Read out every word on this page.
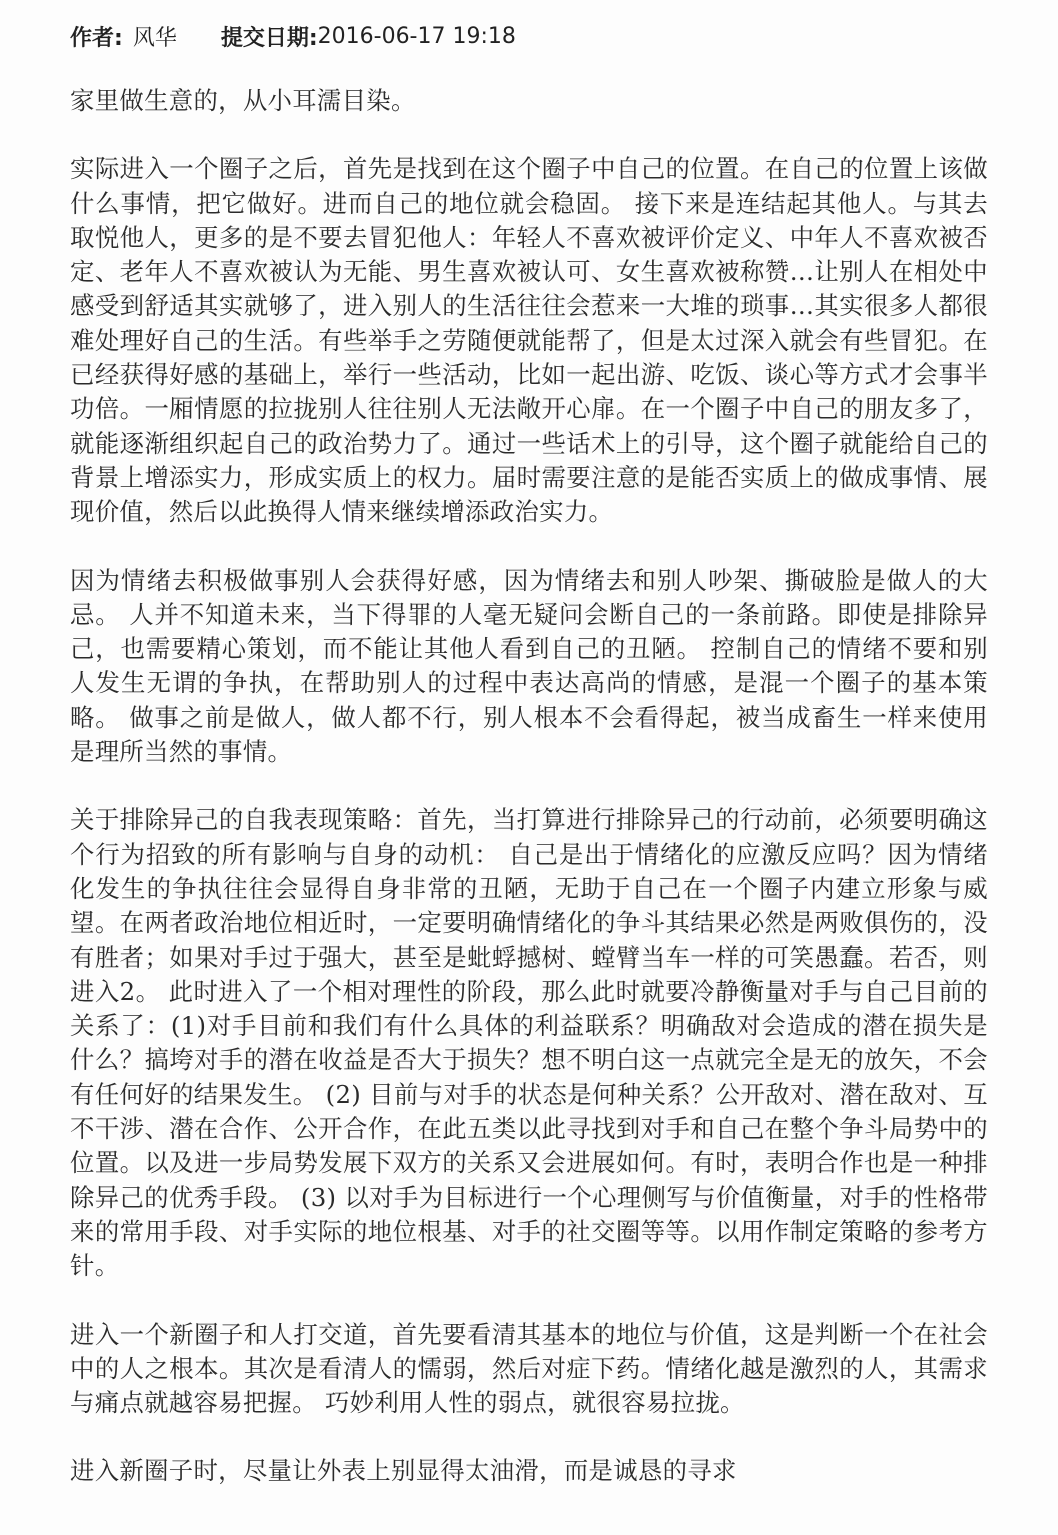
作者: 风华 提交日期: 2016-06-17 19:18

家里做生意的，从小耳濡目染。

实际进入一个圈子之后，首先是找到在这个圈子中自己的位置。在自己的位置上该做什么事情，把它做好。进而自己的地位就会稳固。 接下来是连结起其他人。与其去取悦他人，更多的是不要去冒犯他人：年轻人不喜欢被评价定义、中年人不喜欢被否定、老年人不喜欢被认为无能、男生喜欢被认可、女生喜欢被称赞…让别人在相处中感受到舒适其实就够了，进入别人的生活往往会惹来一大堆的琐事…其实很多人都很难处理好自己的生活。有些举手之劳随便就能帮了，但是太过深入就会有些冒犯。在已经获得好感的基础上，举行一些活动，比如一起出游、吃饭、谈心等方式才会事半功倍。一厢情愿的拉拢别人往往别人无法敞开心扉。在一个圈子中自己的朋友多了，就能逐渐组织起自己的政治势力了。通过一些话术上的引导，这个圈子就能给自己的背景上增添实力，形成实质上的权力。届时需要注意的是能否实质上的做成事情、展现价值，然后以此换得人情来继续增添政治实力。

因为情绪去积极做事别人会获得好感，因为情绪去和别人吵架、撕破脸是做人的大忌。 人并不知道未来，当下得罪的人毫无疑问会断自己的一条前路。即使是排除异己，也需要精心策划，而不能让其他人看到自己的丑陋。 控制自己的情绪不要和别人发生无谓的争执，在帮助别人的过程中表达高尚的情感，是混一个圈子的基本策略。 做事之前是做人，做人都不行，别人根本不会看得起，被当成畜生一样来使用是理所当然的事情。

关于排除异己的自我表现策略：首先，当打算进行排除异己的行动前，必须要明确这个行为招致的所有影响与自身的动机： 自己是出于情绪化的应激反应吗？因为情绪化发生的争执往往会显得自身非常的丑陋，无助于自己在一个圈子内建立形象与威望。在两者政治地位相近时，一定要明确情绪化的争斗其结果必然是两败俱伤的，没有胜者；如果对手过于强大，甚至是蚍蜉撼树、螳臂当车一样的可笑愚蠢。若否，则进入2。 此时进入了一个相对理性的阶段，那么此时就要冷静衡量对手与自己目前的关系了：(1)对手目前和我们有什么具体的利益联系？明确敌对会造成的潜在损失是什么？搞垮对手的潜在收益是否大于损失？想不明白这一点就完全是无的放矢，不会有任何好的结果发生。 (2) 目前与对手的状态是何种关系？公开敌对、潜在敌对、互不干涉、潜在合作、公开合作，在此五类以此寻找到对手和自己在整个争斗局势中的位置。以及进一步局势发展下双方的关系又会进展如何。有时，表明合作也是一种排除异己的优秀手段。 (3) 以对手为目标进行一个心理侧写与价值衡量，对手的性格带来的常用手段、对手实际的地位根基、对手的社交圈等等。以用作制定策略的参考方针。

进入一个新圈子和人打交道，首先要看清其基本的地位与价值，这是判断一个在社会中的人之根本。其次是看清人的懦弱，然后对症下药。情绪化越是激烈的人，其需求与痛点就越容易把握。 巧妙利用人性的弱点，就很容易拉拢。

进入新圈子时，尽量让外表上别显得太油滑，而是诚恳的寻求
